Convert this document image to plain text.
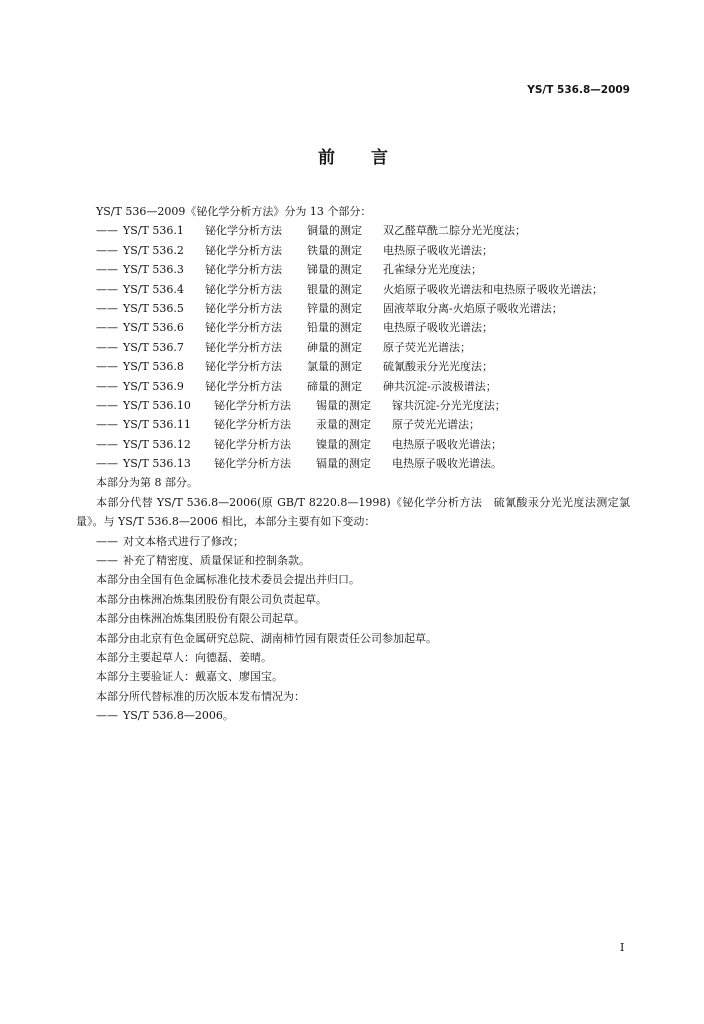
YS/T 536.8—2009
前　言
YS/T 536—2009《铋化学分析方法》分为 13 个部分：
—— YS/T 536.1 铋化学分析方法 铜量的测定 双乙醛草酰二腙分光光度法；
—— YS/T 536.2 铋化学分析方法 铁量的测定 电热原子吸收光谱法；
—— YS/T 536.3 铋化学分析方法 锑量的测定 孔雀绿分光光度法；
—— YS/T 536.4 铋化学分析方法 银量的测定 火焰原子吸收光谱法和电热原子吸收光谱法；
—— YS/T 536.5 铋化学分析方法 锌量的测定 固液萃取分离-火焰原子吸收光谱法；
—— YS/T 536.6 铋化学分析方法 铅量的测定 电热原子吸收光谱法；
—— YS/T 536.7 铋化学分析方法 砷量的测定 原子荧光光谱法；
—— YS/T 536.8 铋化学分析方法 氯量的测定 硫氰酸汞分光光度法；
—— YS/T 536.9 铋化学分析方法 碲量的测定 砷共沉淀-示波极谱法；
—— YS/T 536.10 铋化学分析方法 锡量的测定 镓共沉淀-分光光度法；
—— YS/T 536.11 铋化学分析方法 汞量的测定 原子荧光光谱法；
—— YS/T 536.12 铋化学分析方法 镍量的测定 电热原子吸收光谱法；
—— YS/T 536.13 铋化学分析方法 镉量的测定 电热原子吸收光谱法。
本部分为第 8 部分。
本部分代替 YS/T 536.8—2006(原 GB/T 8220.8—1998)《铋化学分析方法　硫氰酸汞分光光度法测定氯量》。与 YS/T 536.8—2006 相比，本部分主要有如下变动：
—— 对文本格式进行了修改；
—— 补充了精密度、质量保证和控制条款。
本部分由全国有色金属标准化技术委员会提出并归口。
本部分由株洲冶炼集团股份有限公司负责起草。
本部分由株洲冶炼集团股份有限公司起草。
本部分由北京有色金属研究总院、湖南柿竹园有限责任公司参加起草。
本部分主要起草人：向德磊、姜晴。
本部分主要验证人：戴嘉文、廖国宝。
本部分所代替标准的历次版本发布情况为：
—— YS/T 536.8—2006。
I
